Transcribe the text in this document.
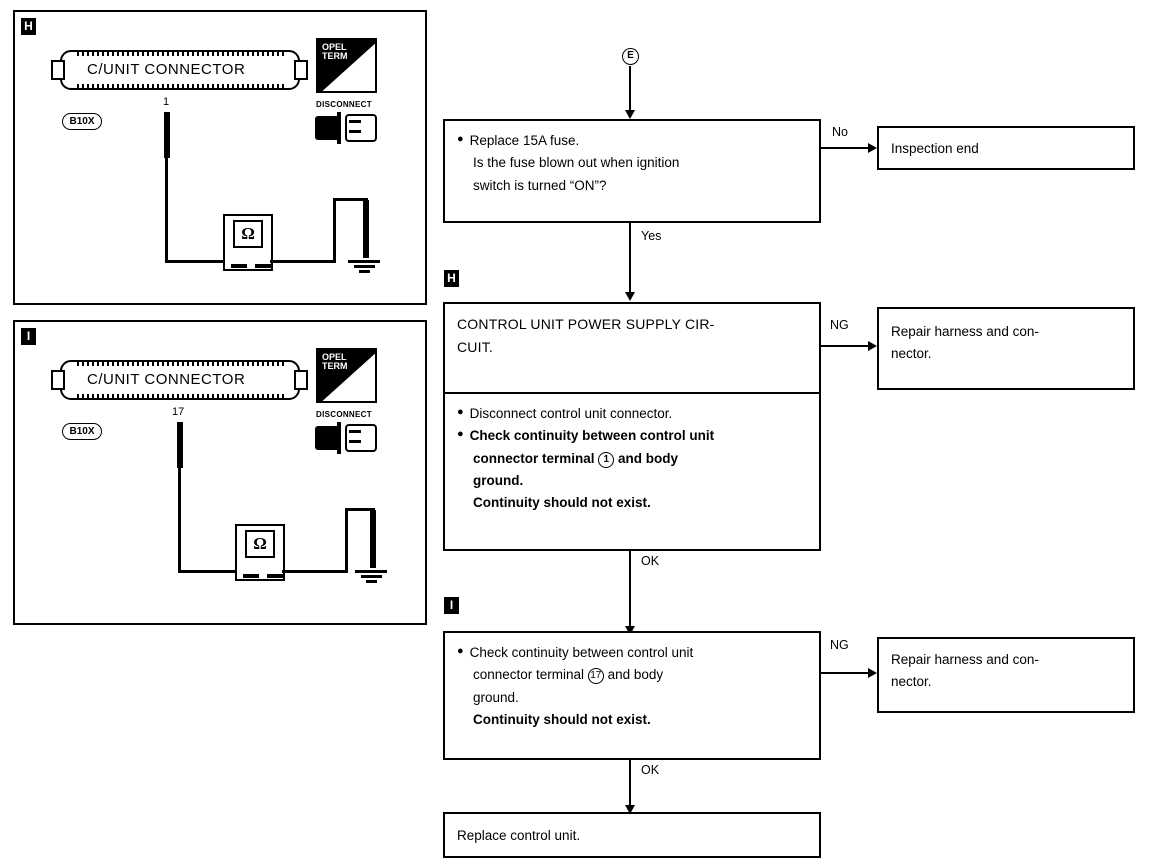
H
C/UNIT CONNECTOR
B⁠10X
1
Ω
OPEL
TERM
15
DISCONNECT
I
C/UNIT CONNECTOR
B⁠10X
17
Ω
OPEL
TERM
15
DISCONNECT
E
● Replace 15A fuse.
Is the fuse blown out when ignition
switch is turned “ON”?
No
Inspection end
Yes
H
CONTROL UNIT POWER SUPPLY CIR-
CUIT.
● Disconnect control unit connector.
● Check continuity between control unit
connector terminal 1 and body
ground.
Continuity should not exist.
NG	Repair harness and con-
nector.
OK
I
● Check continuity between control unit
connector terminal 17 and body
ground.
Continuity should not exist.
NG
Repair harness and con-
nector.
OK
Replace control unit.
